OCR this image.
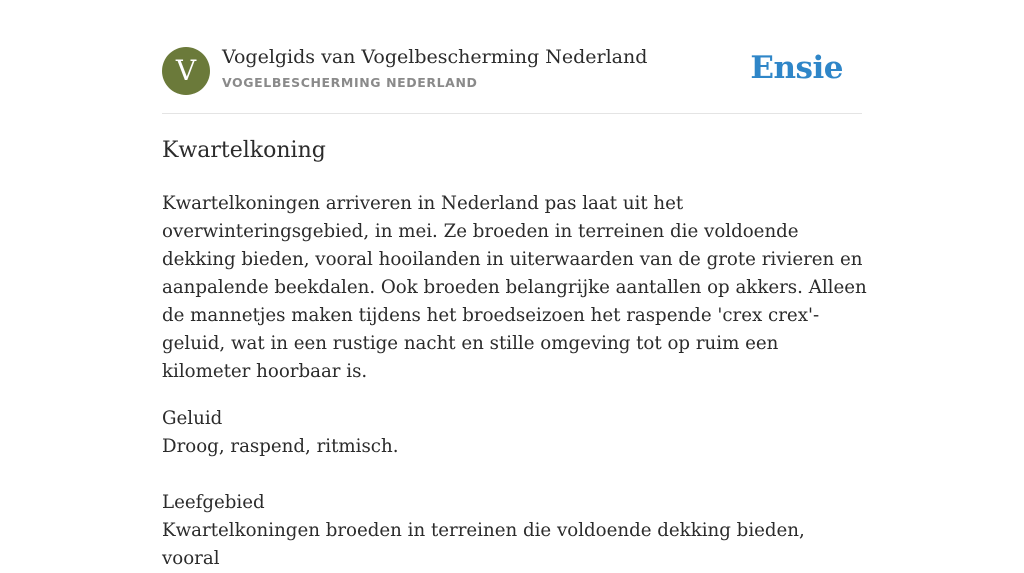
V	Vogelgids van Vogelbescherming Nederland
VOGELBESCHERMING NEDERLAND	Ensie
Kwartelkoning

Kwartelkoningen arriveren in Nederland pas laat uit het overwinteringsgebied, in mei. Ze broeden in terreinen die voldoende dekking bieden, vooral hooilanden in uiterwaarden van de grote rivieren en aanpalende beekdalen. Ook broeden belangrijke aantallen op akkers. Alleen de mannetjes maken tijdens het broedseizoen het raspende 'crex crex'-geluid, wat in een rustige nacht en stille omgeving tot op ruim een kilometer hoorbaar is.

Geluid
Droog, raspend, ritmisch.
Leefgebied
Kwartelkoningen broeden in terreinen die voldoende dekking bieden, vooral
